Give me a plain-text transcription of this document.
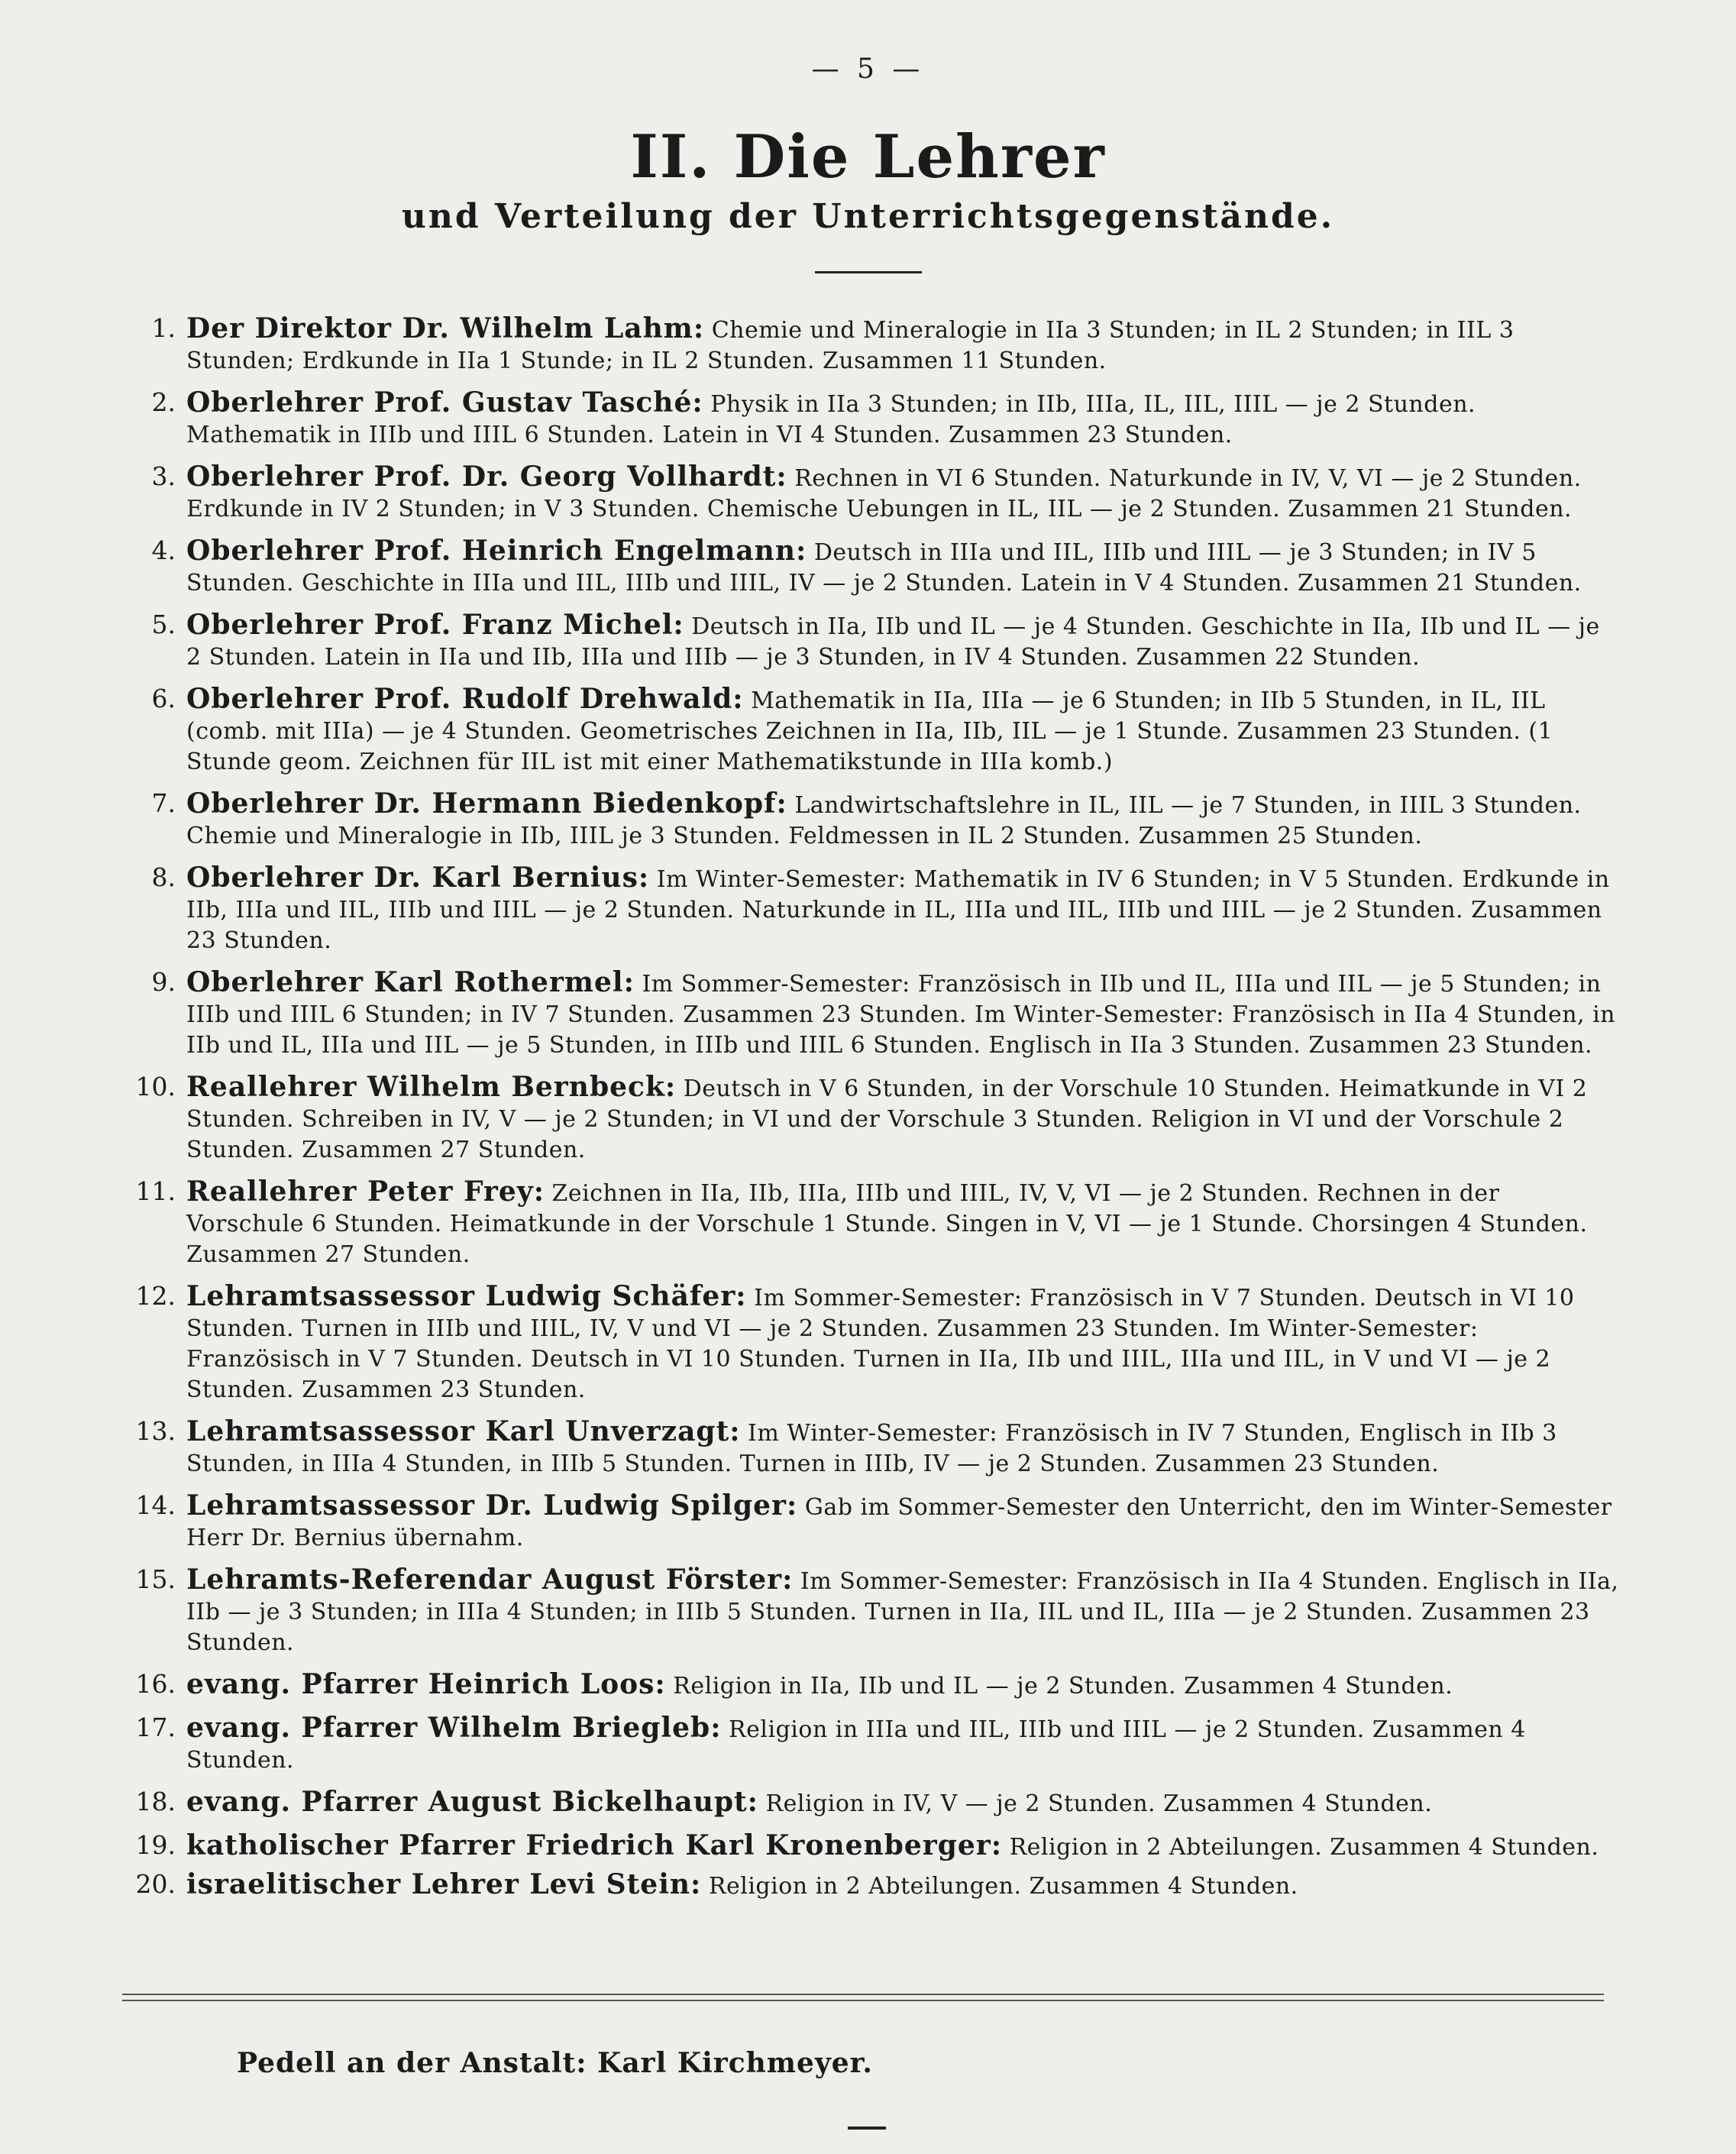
— 5 —
II. Die Lehrer
und Verteilung der Unterrichtsgegenstände.
1. Der Direktor Dr. Wilhelm Lahm: Chemie und Mineralogie in IIa 3 Stunden; in IL 2 Stunden; in IIL 3 Stunden; Erdkunde in IIa 1 Stunde; in IL 2 Stunden. Zusammen 11 Stunden.
2. Oberlehrer Prof. Gustav Tasché: Physik in IIa 3 Stunden; in IIb, IIIa, IL, IIL, IIIL — je 2 Stunden. Mathematik in IIIb und IIIL 6 Stunden. Latein in VI 4 Stunden. Zusammen 23 Stunden.
3. Oberlehrer Prof. Dr. Georg Vollhardt: Rechnen in VI 6 Stunden. Naturkunde in IV, V, VI — je 2 Stunden. Erdkunde in IV 2 Stunden; in V 3 Stunden. Chemische Uebungen in IL, IIL — je 2 Stunden. Zusammen 21 Stunden.
4. Oberlehrer Prof. Heinrich Engelmann: Deutsch in IIIa und IIL, IIIb und IIIL — je 3 Stunden; in IV 5 Stunden. Geschichte in IIIa und IIL, IIIb und IIIL, IV — je 2 Stunden. Latein in V 4 Stunden. Zusammen 21 Stunden.
5. Oberlehrer Prof. Franz Michel: Deutsch in IIa, IIb und IL — je 4 Stunden. Geschichte in IIa, IIb und IL — je 2 Stunden. Latein in IIa und IIb, IIIa und IIIb — je 3 Stunden, in IV 4 Stunden. Zusammen 22 Stunden.
6. Oberlehrer Prof. Rudolf Drehwald: Mathematik in IIa, IIIa — je 6 Stunden; in IIb 5 Stunden, in IL, IIL (comb. mit IIIa) — je 4 Stunden. Geometrisches Zeichnen in IIa, IIb, IIL — je 1 Stunde. Zusammen 23 Stunden. (1 Stunde geom. Zeichnen für IIL ist mit einer Mathematikstunde in IIIa komb.)
7. Oberlehrer Dr. Hermann Biedenkopf: Landwirtschaftslehre in IL, IIL — je 7 Stunden, in IIIL 3 Stunden. Chemie und Mineralogie in IIb, IIIL je 3 Stunden. Feldmessen in IL 2 Stunden. Zusammen 25 Stunden.
8. Oberlehrer Dr. Karl Bernius: Im Winter-Semester: Mathematik in IV 6 Stunden; in V 5 Stunden. Erdkunde in IIb, IIIa und IIL, IIIb und IIIL — je 2 Stunden. Naturkunde in IL, IIIa und IIL, IIIb und IIIL — je 2 Stunden. Zusammen 23 Stunden.
9. Oberlehrer Karl Rothermel: Im Sommer-Semester: Französisch in IIb und IL, IIIa und IIL — je 5 Stunden; in IIIb und IIIL 6 Stunden; in IV 7 Stunden. Zusammen 23 Stunden. Im Winter-Semester: Französisch in IIa 4 Stunden, in IIb und IL, IIIa und IIL — je 5 Stunden, in IIIb und IIIL 6 Stunden. Englisch in IIa 3 Stunden. Zusammen 23 Stunden.
10. Reallehrer Wilhelm Bernbeck: Deutsch in V 6 Stunden, in der Vorschule 10 Stunden. Heimatkunde in VI 2 Stunden. Schreiben in IV, V — je 2 Stunden; in VI und der Vorschule 3 Stunden. Religion in VI und der Vorschule 2 Stunden. Zusammen 27 Stunden.
11. Reallehrer Peter Frey: Zeichnen in IIa, IIb, IIIa, IIIb und IIIL, IV, V, VI — je 2 Stunden. Rechnen in der Vorschule 6 Stunden. Heimatkunde in der Vorschule 1 Stunde. Singen in V, VI — je 1 Stunde. Chorsingen 4 Stunden. Zusammen 27 Stunden.
12. Lehramtsassessor Ludwig Schäfer: Im Sommer-Semester: Französisch in V 7 Stunden. Deutsch in VI 10 Stunden. Turnen in IIIb und IIIL, IV, V und VI — je 2 Stunden. Zusammen 23 Stunden. Im Winter-Semester: Französisch in V 7 Stunden. Deutsch in VI 10 Stunden. Turnen in IIa, IIb und IIIL, IIIa und IIL, in V und VI — je 2 Stunden. Zusammen 23 Stunden.
13. Lehramtsassessor Karl Unverzagt: Im Winter-Semester: Französisch in IV 7 Stunden, Englisch in IIb 3 Stunden, in IIIa 4 Stunden, in IIIb 5 Stunden. Turnen in IIIb, IV — je 2 Stunden. Zusammen 23 Stunden.
14. Lehramtsassessor Dr. Ludwig Spilger: Gab im Sommer-Semester den Unterricht, den im Winter-Semester Herr Dr. Bernius übernahm.
15. Lehramts-Referendar August Förster: Im Sommer-Semester: Französisch in IIa 4 Stunden. Englisch in IIa, IIb — je 3 Stunden; in IIIa 4 Stunden; in IIIb 5 Stunden. Turnen in IIa, IIL und IL, IIIa — je 2 Stunden. Zusammen 23 Stunden.
16. evang. Pfarrer Heinrich Loos: Religion in IIa, IIb und IL — je 2 Stunden. Zusammen 4 Stunden.
17. evang. Pfarrer Wilhelm Briegleb: Religion in IIIa und IIL, IIIb und IIIL — je 2 Stunden. Zusammen 4 Stunden.
18. evang. Pfarrer August Bickelhaupt: Religion in IV, V — je 2 Stunden. Zusammen 4 Stunden.
19. katholischer Pfarrer Friedrich Karl Kronenberger: Religion in 2 Abteilungen. Zusammen 4 Stunden.
20. israelitischer Lehrer Levi Stein: Religion in 2 Abteilungen. Zusammen 4 Stunden.
Pedell an der Anstalt: Karl Kirchmeyer.
